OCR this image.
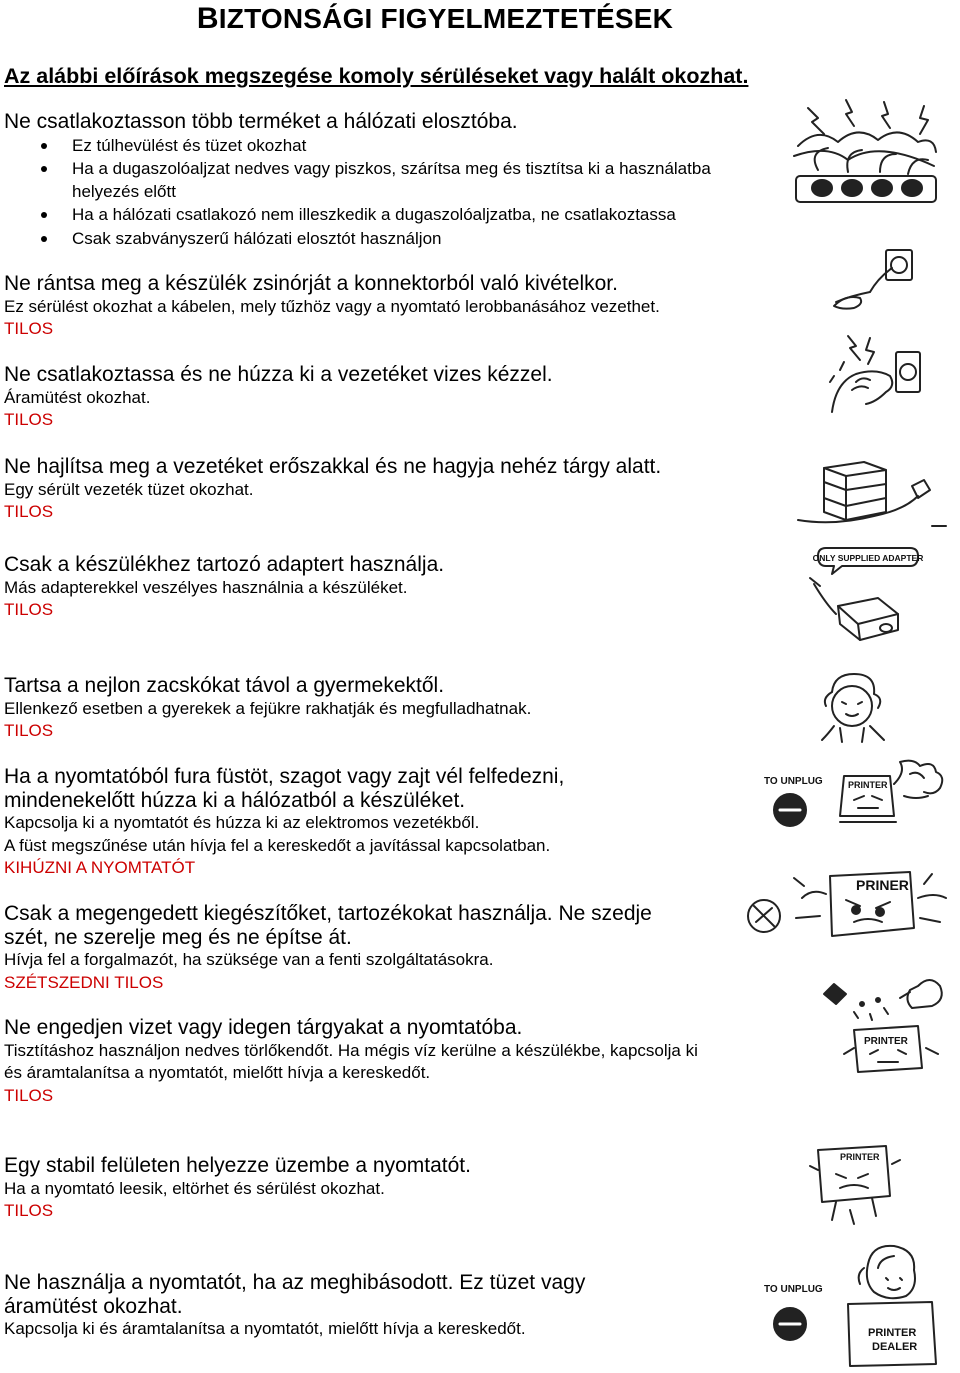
BIZTONSÁGI FIGYELMEZTETÉSEK
Az alábbi előírások megszegése komoly sérüléseket vagy halált okozhat.
Ne csatlakoztasson több terméket a hálózati elosztóba.
Ez túlhevülést és tüzet okozhat
Ha a dugaszolóaljzat nedves vagy piszkos, szárítsa meg és tisztítsa ki a használatba helyezés előtt
Ha a hálózati csatlakozó nem illeszkedik a dugaszolóaljzatba, ne csatlakoztassa
Csak szabványszerű hálózati elosztót használjon
Ne rántsa meg a készülék zsinórját a konnektorból való kivételkor.
Ez sérülést okozhat a kábelen, mely tűzhöz vagy a nyomtató lerobbanásához vezethet.
TILOS
Ne csatlakoztassa és ne húzza ki a vezetéket vizes kézzel.
Áramütést okozhat.
TILOS
Ne hajlítsa meg a vezetéket erőszakkal és ne hagyja nehéz tárgy alatt.
Egy sérült vezeték tüzet okozhat.
TILOS
Csak a készülékhez tartozó adaptert használja.
Más adapterekkel veszélyes használnia a készüléket.
TILOS
Tartsa a nejlon zacskókat távol a gyermekektől.
Ellenkező esetben a gyerekek a fejükre rakhatják és megfulladhatnak.
TILOS
Ha a nyomtatóból fura füstöt, szagot vagy zajt vél felfedezni,
mindenekelőtt húzza ki a hálózatból a készüléket.
Kapcsolja ki a nyomtatót és húzza ki az elektromos vezetékből.
A füst megszűnése után hívja fel a kereskedőt a javítással kapcsolatban.
KIHÚZNI A NYOMTATÓT
Csak a megengedett kiegészítőket, tartozékokat használja. Ne szedje
szét, ne szerelje meg és ne építse át.
Hívja fel a forgalmazót, ha szüksége van a fenti szolgáltatásokra.
SZÉTSZEDNI TILOS
Ne engedjen vizet vagy idegen tárgyakat a nyomtatóba.
Tisztításhoz használjon nedves törlőkendőt. Ha mégis víz kerülne a készülékbe, kapcsolja ki
és áramtalanítsa a nyomtatót, mielőtt hívja a kereskedőt.
TILOS
Egy stabil felületen helyezze üzembe a nyomtatót.
Ha a nyomtató leesik, eltörhet és sérülést okozhat.
TILOS
Ne használja a nyomtatót, ha az meghibásodott. Ez tüzet vagy
áramütést okozhat.
Kapcsolja ki és áramtalanítsa a nyomtatót, mielőtt hívja a kereskedőt.
ONLY SUPPLIED ADAPTER
TO UNPLUG	PRINTER
PRINER
PRINTER
PRINTER
TO UNPLUG
PRINTER
DEALER
